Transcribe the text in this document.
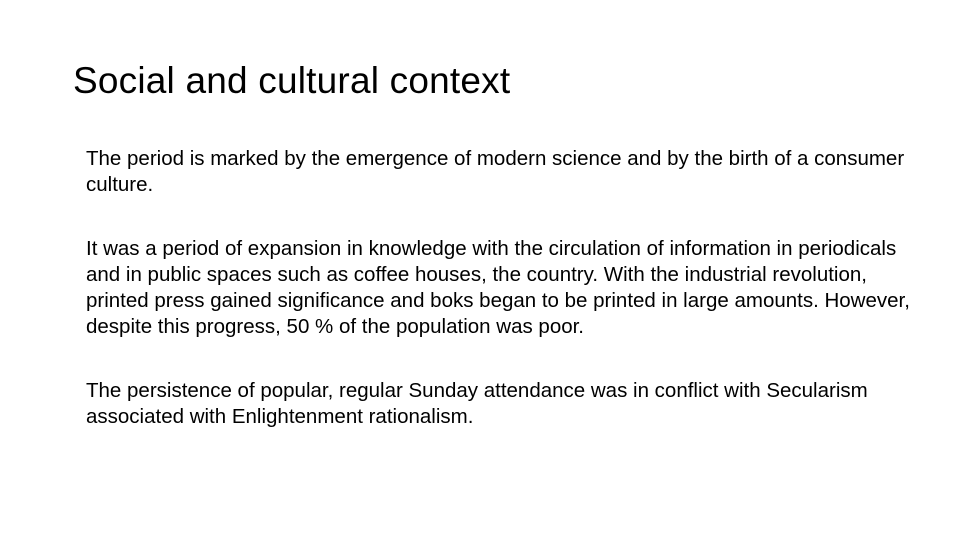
Social and cultural context

The period is marked by the emergence of modern science and by the birth of a consumer culture.

It was a period of expansion in knowledge with the circulation of information in periodicals and in public spaces such as coffee houses, the country. With the industrial revolution, printed press gained significance and boks began to be printed in large amounts. However, despite this progress, 50 % of the population was poor.

The persistence of popular, regular Sunday attendance was in conflict with Secularism associated with Enlightenment rationalism.
